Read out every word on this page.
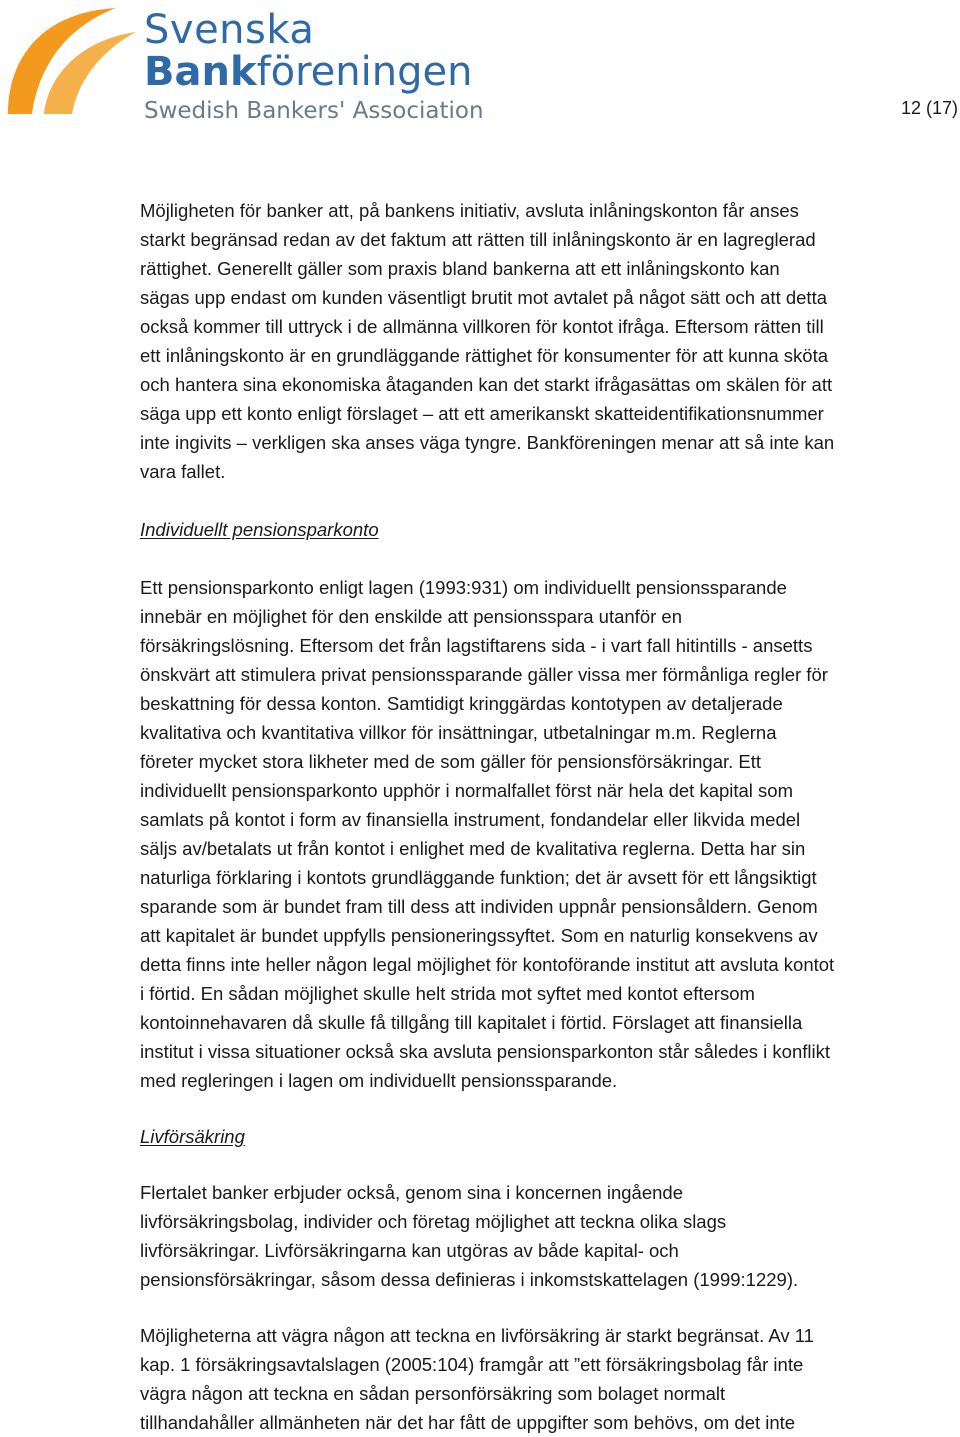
Svenska
Bankföreningen
Swedish Bankers' Association	12 (17)

Möjligheten för banker att, på bankens initiativ, avsluta inlåningskonton får anses
starkt begränsad redan av det faktum att rätten till inlåningskonto är en lagreglerad
rättighet. Generellt gäller som praxis bland bankerna att ett inlåningskonto kan
sägas upp endast om kunden väsentligt brutit mot avtalet på något sätt och att detta
också kommer till uttryck i de allmänna villkoren för kontot ifråga. Eftersom rätten till
ett inlåningskonto är en grundläggande rättighet för konsumenter för att kunna sköta
och hantera sina ekonomiska åtaganden kan det starkt ifrågasättas om skälen för att
säga upp ett konto enligt förslaget – att ett amerikanskt skatteidentifikationsnummer
inte ingivits – verkligen ska anses väga tyngre. Bankföreningen menar att så inte kan
vara fallet.

Individuellt pensionsparkonto

Ett pensionsparkonto enligt lagen (1993:931) om individuellt pensionssparande
innebär en möjlighet för den enskilde att pensionsspara utanför en
försäkringslösning. Eftersom det från lagstiftarens sida - i vart fall hitintills - ansetts
önskvärt att stimulera privat pensionssparande gäller vissa mer förmånliga regler för
beskattning för dessa konton. Samtidigt kringgärdas kontotypen av detaljerade
kvalitativa och kvantitativa villkor för insättningar, utbetalningar m.m. Reglerna
företer mycket stora likheter med de som gäller för pensionsförsäkringar. Ett
individuellt pensionsparkonto upphör i normalfallet först när hela det kapital som
samlats på kontot i form av finansiella instrument, fondandelar eller likvida medel
säljs av/betalats ut från kontot i enlighet med de kvalitativa reglerna. Detta har sin
naturliga förklaring i kontots grundläggande funktion; det är avsett för ett långsiktigt
sparande som är bundet fram till dess att individen uppnår pensionsåldern. Genom
att kapitalet är bundet uppfylls pensioneringssyftet. Som en naturlig konsekvens av
detta finns inte heller någon legal möjlighet för kontoförande institut att avsluta kontot
i förtid. En sådan möjlighet skulle helt strida mot syftet med kontot eftersom
kontoinnehavaren då skulle få tillgång till kapitalet i förtid. Förslaget att finansiella
institut i vissa situationer också ska avsluta pensionsparkonton står således i konflikt
med regleringen i lagen om individuellt pensionssparande.

Livförsäkring

Flertalet banker erbjuder också, genom sina i koncernen ingående
livförsäkringsbolag, individer och företag möjlighet att teckna olika slags
livförsäkringar. Livförsäkringarna kan utgöras av både kapital- och
pensionsförsäkringar, såsom dessa definieras i inkomstskattelagen (1999:1229).

Möjligheterna att vägra någon att teckna en livförsäkring är starkt begränsat. Av 11
kap. 1 försäkringsavtalslagen (2005:104) framgår att ”ett försäkringsbolag får inte
vägra någon att teckna en sådan personförsäkring som bolaget normalt
tillhandahåller allmänheten när det har fått de uppgifter som behövs, om det inte
